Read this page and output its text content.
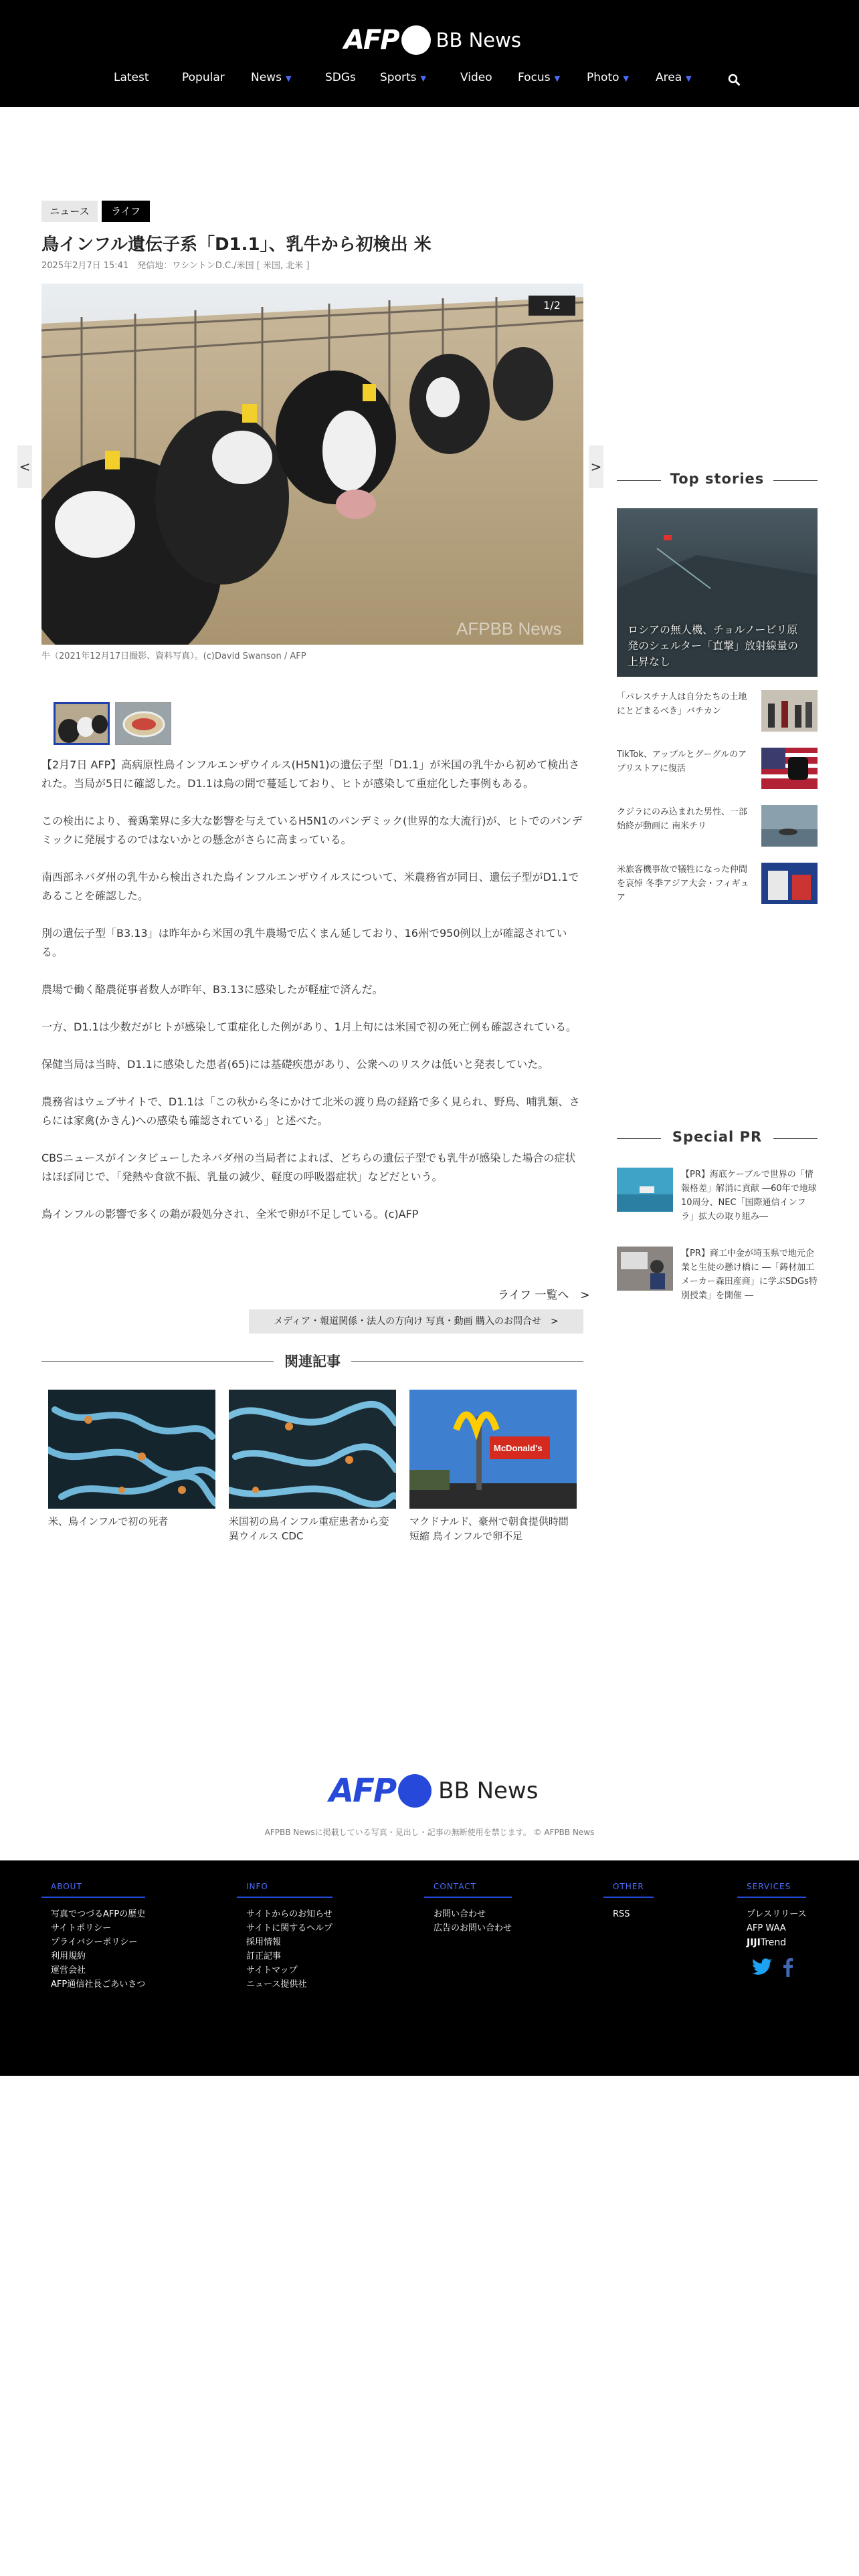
AFP BB News
Latest	Popular News ▼	SDGs Sports ▼	Video Focus ▼ Photo ▼ Area ▼
ニュース	ライフ
鳥インフル遺伝子系「D1.1」、乳牛から初検出 米
2025年2月7日 15:41　発信地：ワシントンD.C./米国 [ 米国, 北米 ]
AFPBB News
1/2
<	>
牛（2021年12月17日撮影、資料写真）。(c)David Swanson / AFP

【2月7日 AFP】高病原性鳥インフルエンザウイルス(H5N1)の遺伝子型「D1.1」が米国の乳牛から初めて検出された。当局が5日に確認した。D1.1は鳥の間で蔓延しており、ヒトが感染して重症化した事例もある。

この検出により、養鶏業界に多大な影響を与えているH5N1のパンデミック(世界的な大流行)が、ヒトでのパンデミックに発展するのではないかとの懸念がさらに高まっている。

南西部ネバダ州の乳牛から検出された鳥インフルエンザウイルスについて、米農務省が同日、遺伝子型がD1.1であることを確認した。

別の遺伝子型「B3.13」は昨年から米国の乳牛農場で広くまん延しており、16州で950例以上が確認されている。

農場で働く酪農従事者数人が昨年、B3.13に感染したが軽症で済んだ。

一方、D1.1は少数だがヒトが感染して重症化した例があり、1月上旬には米国で初の死亡例も確認されている。

保健当局は当時、D1.1に感染した患者(65)には基礎疾患があり、公衆へのリスクは低いと発表していた。

農務省はウェブサイトで、D1.1は「この秋から冬にかけて北米の渡り鳥の経路で多く見られ、野鳥、哺乳類、さらには家禽(かきん)への感染も確認されている」と述べた。

CBSニュースがインタビューしたネバダ州の当局者によれば、どちらの遺伝子型でも乳牛が感染した場合の症状はほぼ同じで、「発熱や食欲不振、乳量の減少、軽度の呼吸器症状」などだという。

鳥インフルの影響で多くの鶏が殺処分され、全米で卵が不足している。(c)AFP

ライフ 一覧へ　>
メディア・報道関係・法人の方向け 写真・動画 購入のお問合せ　>
関連記事
米、鳥インフルで初の死者	米国初の鳥インフル重症患者から変異ウイルス CDC
McDonald's
マクドナルド、豪州で朝食提供時間短縮 鳥インフルで卵不足
Top stories
ロシアの無人機、チョルノービリ原発のシェルター「直撃」放射線量の上昇なし
「パレスチナ人は自分たちの土地にとどまるべき」バチカン
TikTok、アップルとグーグルのアプリストアに復活
クジラにのみ込まれた男性、一部始終が動画に 南米チリ
米旅客機事故で犠牲になった仲間を哀悼 冬季アジア大会・フィギュア
Special PR
【PR】海底ケーブルで世界の「情報格差」解消に貢献 ―60年で地球10周分、NEC「国際通信インフラ」拡大の取り組み―
【PR】商工中金が埼玉県で地元企業と生徒の懸け橋に ―「鋳材加工メーカー森田産商」に学ぶSDGs特別授業」を開催 ―
AFP BB News
AFPBB Newsに掲載している写真・見出し・記事の無断使用を禁じます。 © AFPBB News
ABOUT
写真でつづるAFPの歴史
サイトポリシー
プライバシーポリシー
利用規約
運営会社
AFP通信社長ごあいさつ
INFO
サイトからのお知らせ
サイトに関するヘルプ
採用情報
訂正記事
サイトマップ
ニュース提供社
CONTACT
お問い合わせ
広告のお問い合わせ
OTHER
RSS
SERVICES
プレスリリース
AFP WAA
JIJITrend
